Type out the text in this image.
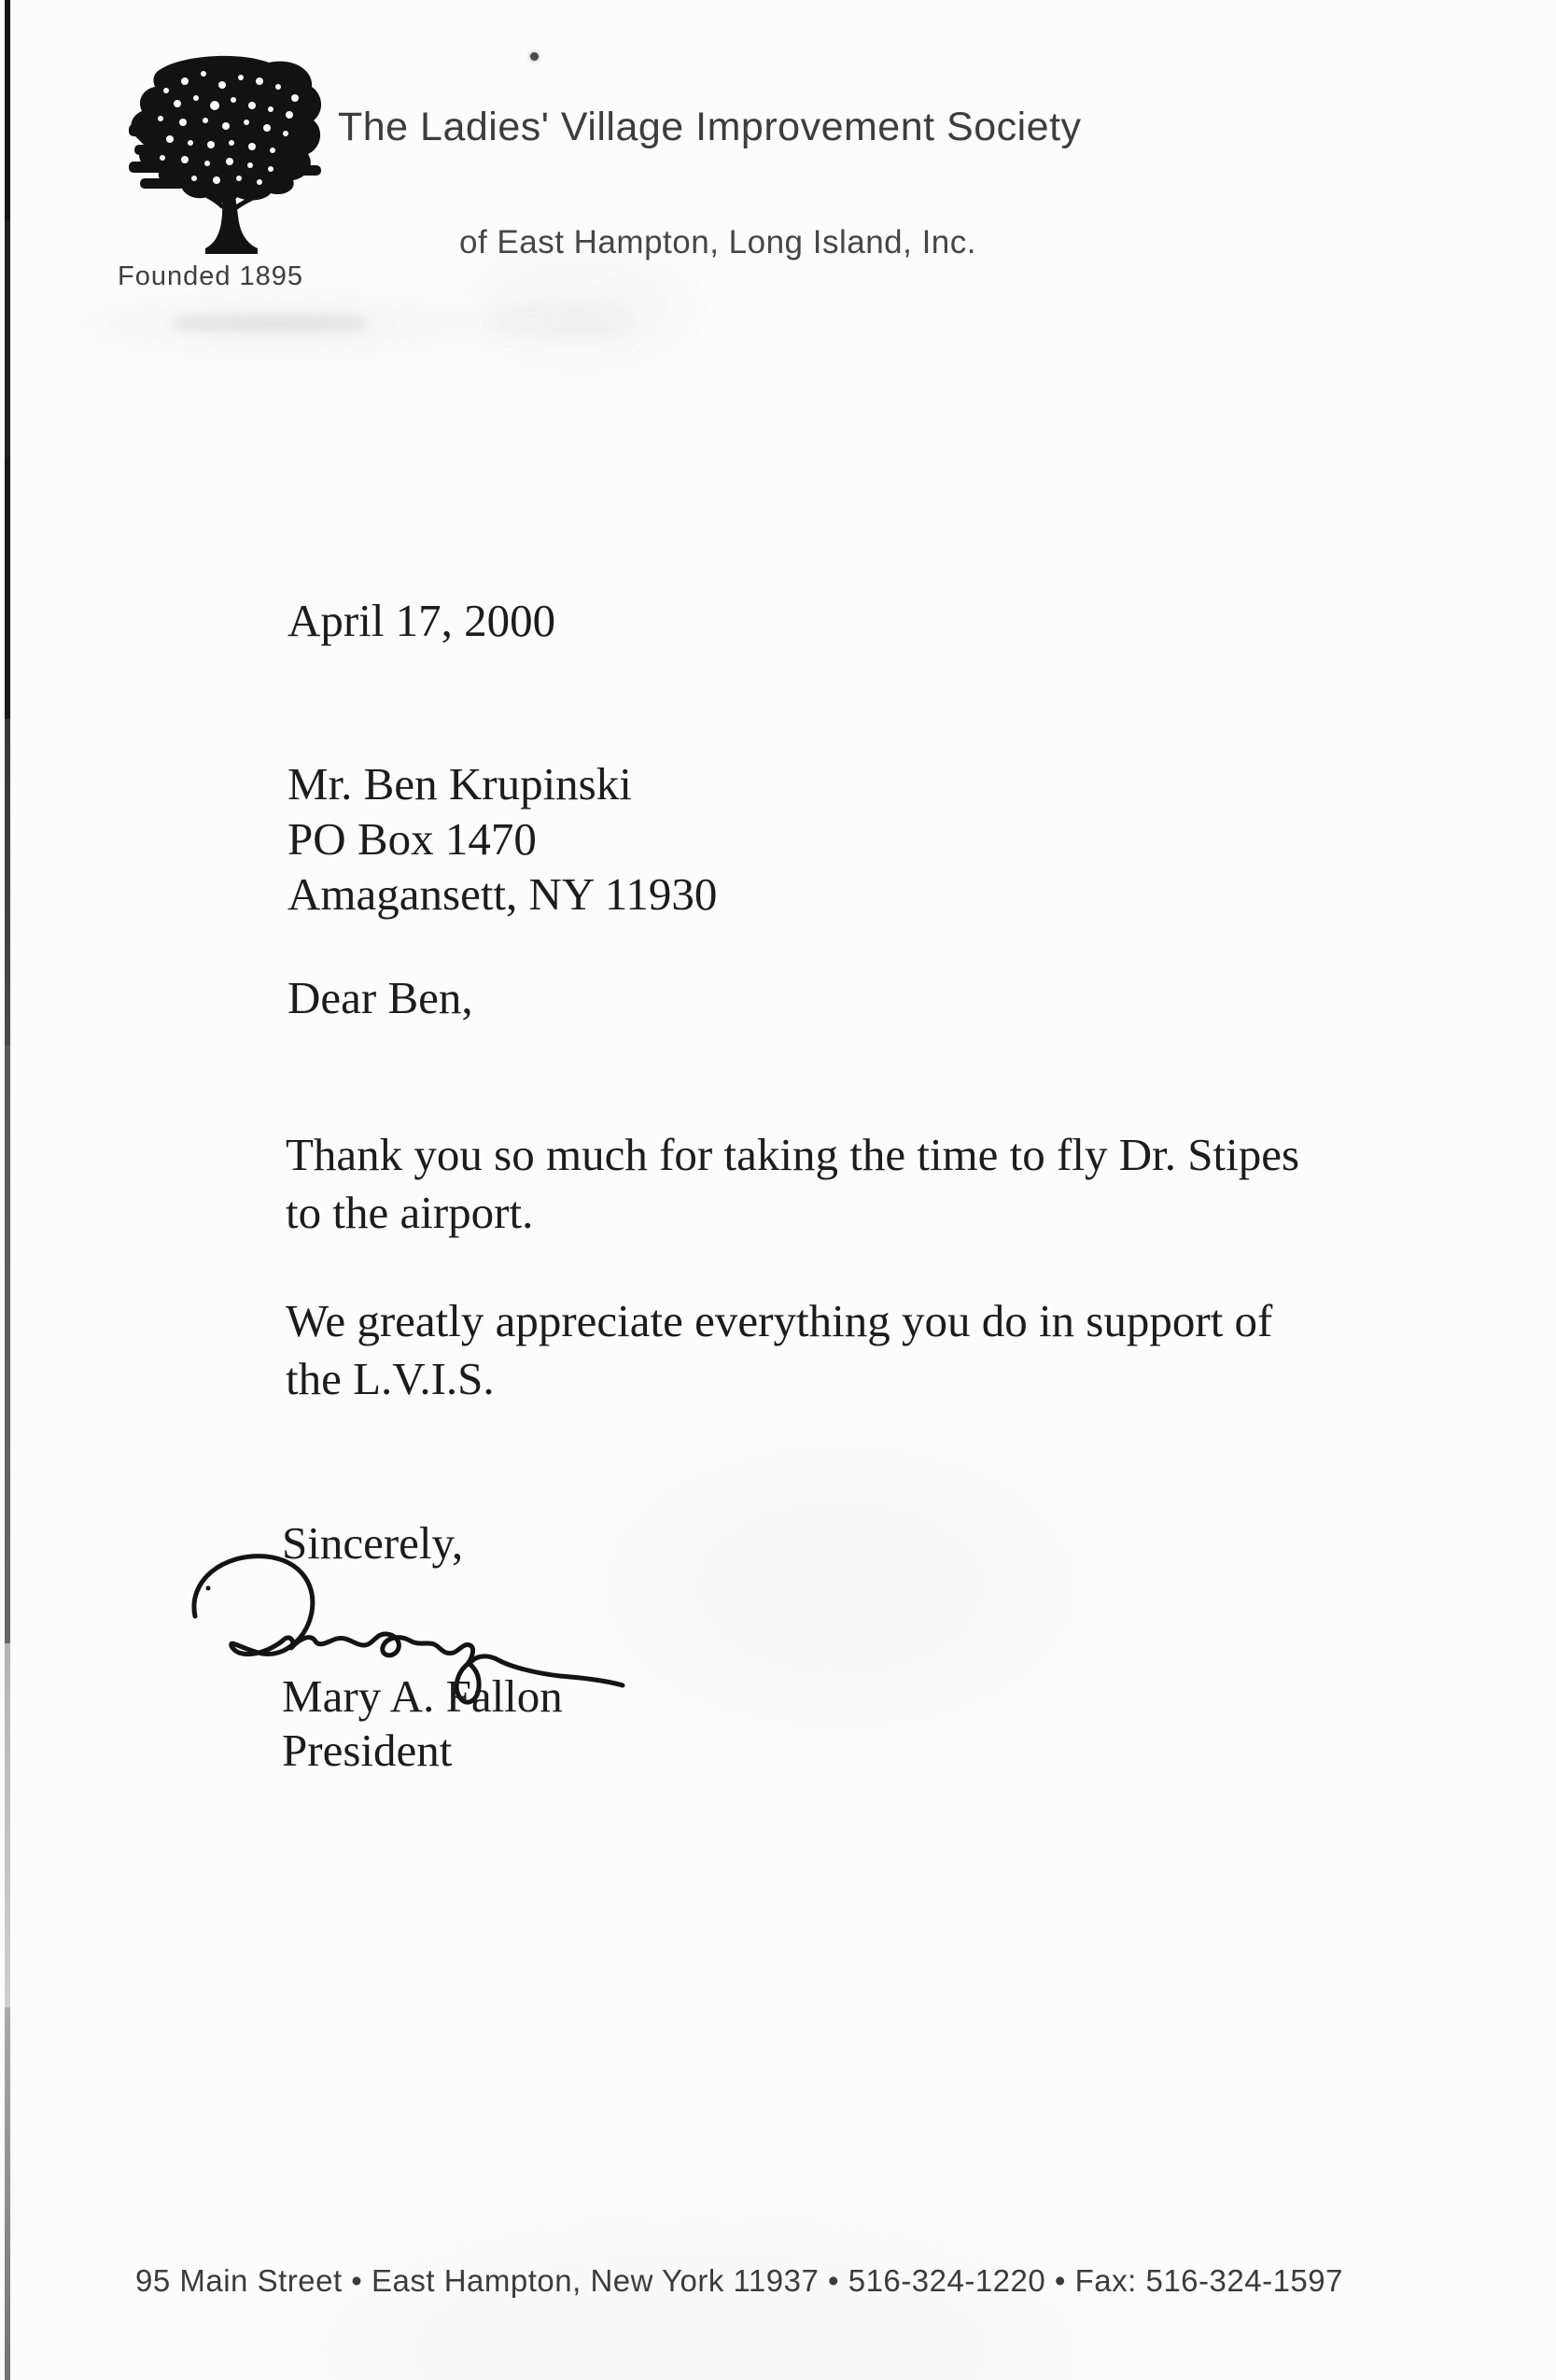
Founded 1895
The Ladies' Village Improvement Society
of East Hampton, Long Island, Inc.
April 17, 2000
Mr. Ben Krupinski
PO Box 1470
Amagansett, NY 11930
Dear Ben,
Thank you so much for taking the time to fly Dr. Stipes
to the airport.
We greatly appreciate everything you do in support of
the L.V.I.S.
Sincerely,
Mary A. Fallon
President
95 Main Street • East Hampton, New York 11937 • 516-324-1220 • Fax: 516-324-1597
